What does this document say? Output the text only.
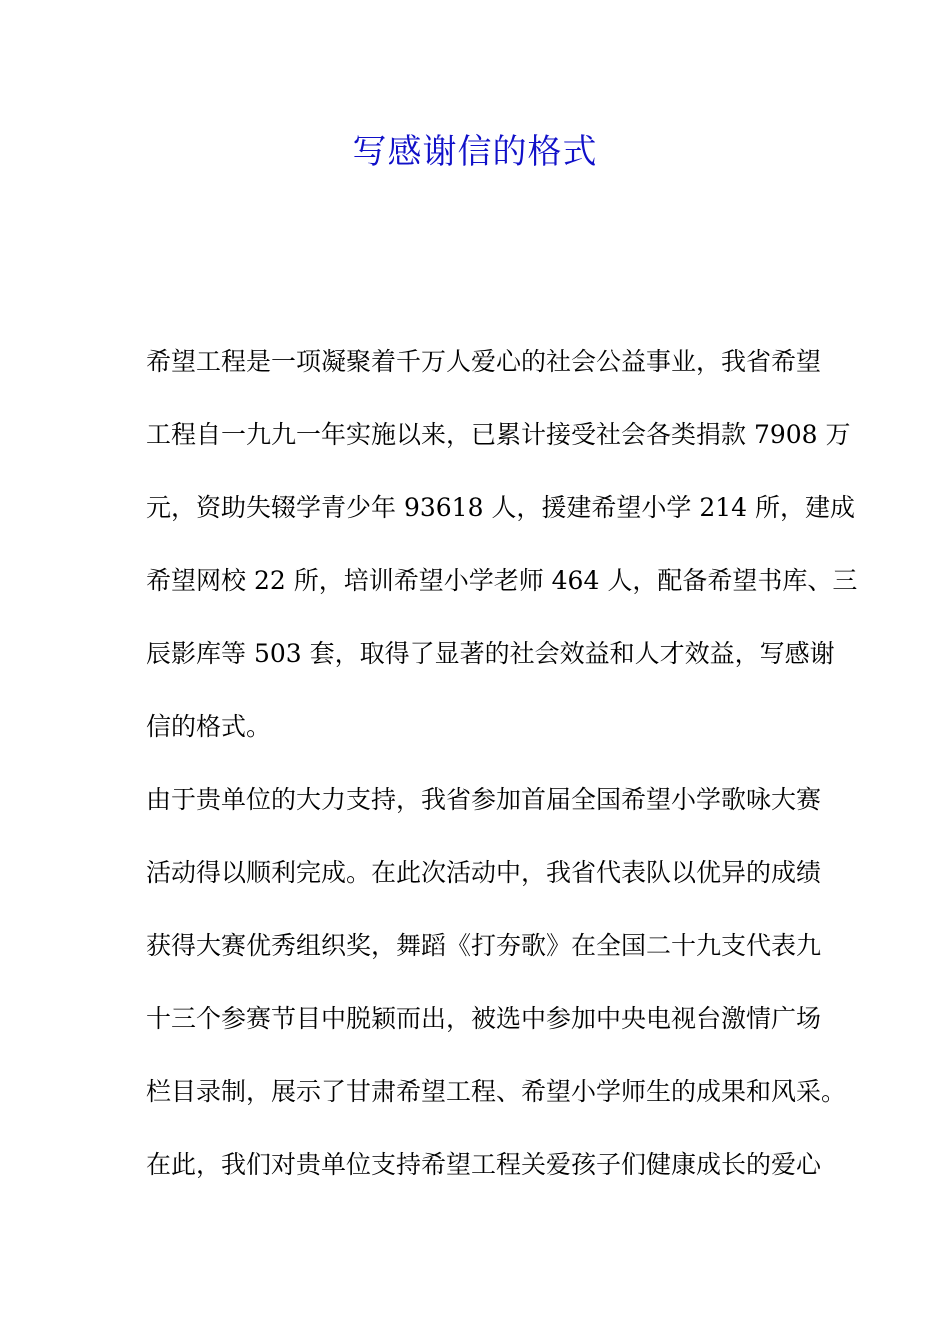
写感谢信的格式
希望工程是一项凝聚着千万人爱心的社会公益事业，我省希望
工程自一九九一年实施以来，已累计接受社会各类捐款 7908 万
元，资助失辍学青少年 93618 人，援建希望小学 214 所，建成
希望网校 22 所，培训希望小学老师 464 人，配备希望书库、三
辰影库等 503 套，取得了显著的社会效益和人才效益，写感谢
信的格式。
由于贵单位的大力支持，我省参加首届全国希望小学歌咏大赛
活动得以顺利完成。在此次活动中，我省代表队以优异的成绩
获得大赛优秀组织奖，舞蹈《打夯歌》在全国二十九支代表九
十三个参赛节目中脱颖而出，被选中参加中央电视台激情广场
栏目录制，展示了甘肃希望工程、希望小学师生的成果和风采。
在此，我们对贵单位支持希望工程关爱孩子们健康成长的爱心
